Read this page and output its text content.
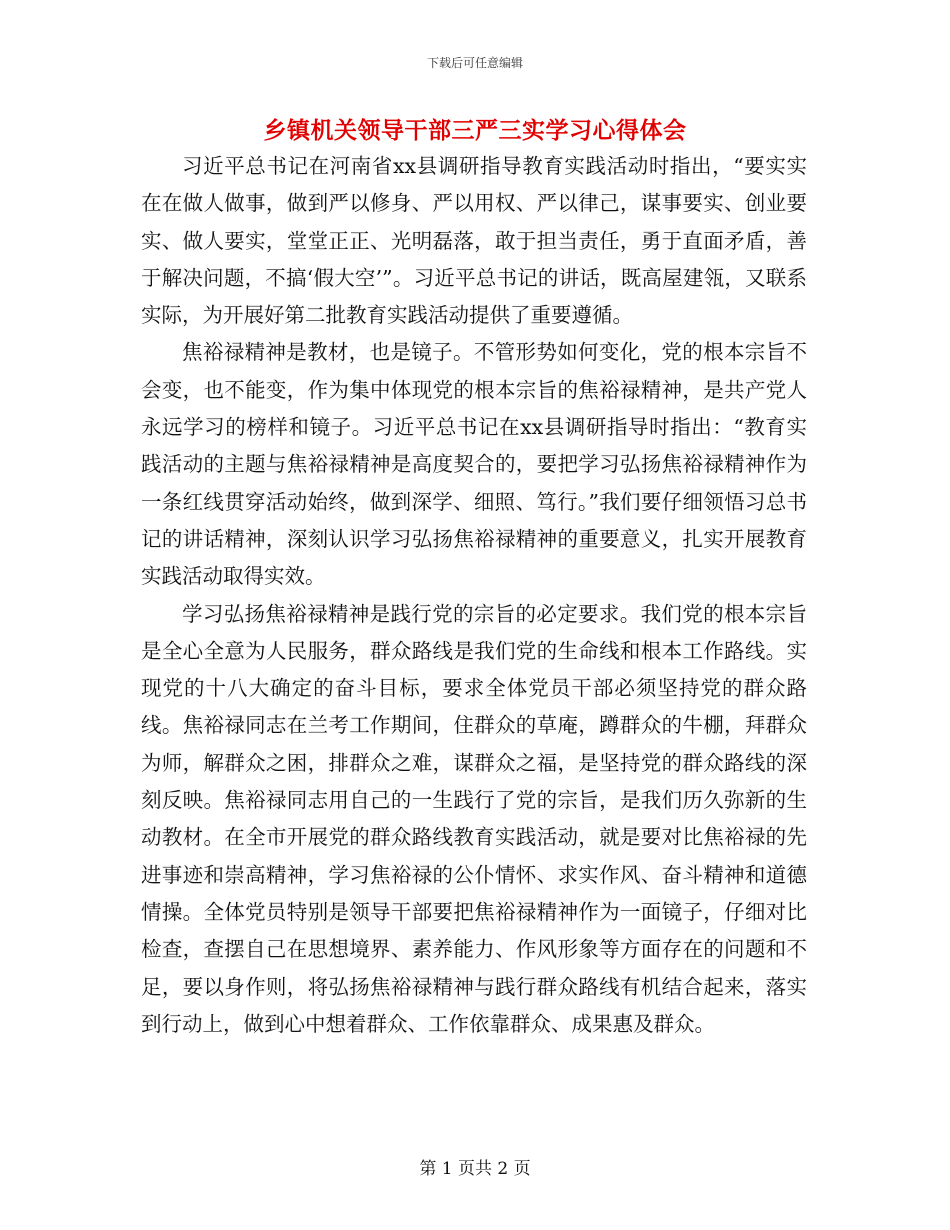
下载后可任意编辑
乡镇机关领导干部三严三实学习心得体会

习近平总书记在河南省xx县调研指导教育实践活动时指出，“要实实在在做人做事，做到严以修身、严以用权、严以律己，谋事要实、创业要实、做人要实，堂堂正正、光明磊落，敢于担当责任，勇于直面矛盾，善于解决问题，不搞‘假大空’”。习近平总书记的讲话，既高屋建瓴，又联系实际，为开展好第二批教育实践活动提供了重要遵循。

焦裕禄精神是教材，也是镜子。不管形势如何变化，党的根本宗旨不会变，也不能变，作为集中体现党的根本宗旨的焦裕禄精神，是共产党人永远学习的榜样和镜子。习近平总书记在xx县调研指导时指出：“教育实践活动的主题与焦裕禄精神是高度契合的，要把学习弘扬焦裕禄精神作为一条红线贯穿活动始终，做到深学、细照、笃行。”我们要仔细领悟习总书记的讲话精神，深刻认识学习弘扬焦裕禄精神的重要意义，扎实开展教育实践活动取得实效。

学习弘扬焦裕禄精神是践行党的宗旨的必定要求。我们党的根本宗旨是全心全意为人民服务，群众路线是我们党的生命线和根本工作路线。实现党的十八大确定的奋斗目标，要求全体党员干部必须坚持党的群众路线。焦裕禄同志在兰考工作期间，住群众的草庵，蹲群众的牛棚，拜群众为师，解群众之困，排群众之难，谋群众之福，是坚持党的群众路线的深刻反映。焦裕禄同志用自己的一生践行了党的宗旨，是我们历久弥新的生动教材。在全市开展党的群众路线教育实践活动，就是要对比焦裕禄的先进事迹和崇高精神，学习焦裕禄的公仆情怀、求实作风、奋斗精神和道德情操。全体党员特别是领导干部要把焦裕禄精神作为一面镜子，仔细对比检查，查摆自己在思想境界、素养能力、作风形象等方面存在的问题和不足，要以身作则，将弘扬焦裕禄精神与践行群众路线有机结合起来，落实到行动上，做到心中想着群众、工作依靠群众、成果惠及群众。

第 1 页共 2 页
